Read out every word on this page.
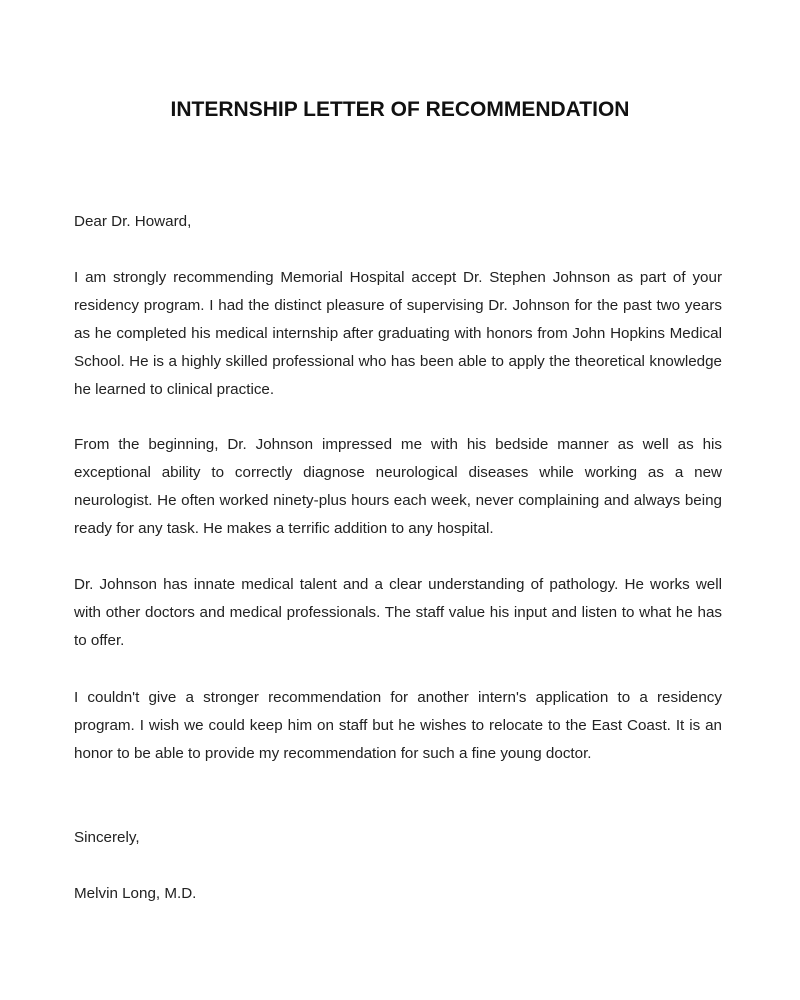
INTERNSHIP LETTER OF RECOMMENDATION
Dear Dr. Howard,

I am strongly recommending Memorial Hospital accept Dr. Stephen Johnson as part of your residency program. I had the distinct pleasure of supervising Dr. Johnson for the past two years as he completed his medical internship after graduating with honors from John Hopkins Medical School. He is a highly skilled professional who has been able to apply the theoretical knowledge he learned to clinical practice.

From the beginning, Dr. Johnson impressed me with his bedside manner as well as his exceptional ability to correctly diagnose neurological diseases while working as a new neurologist. He often worked ninety-plus hours each week, never complaining and always being ready for any task. He makes a terrific addition to any hospital.

Dr. Johnson has innate medical talent and a clear understanding of pathology. He works well with other doctors and medical professionals. The staff value his input and listen to what he has to offer.

I couldn't give a stronger recommendation for another intern's application to a residency program. I wish we could keep him on staff but he wishes to relocate to the East Coast. It is an honor to be able to provide my recommendation for such a fine young doctor.

Sincerely,
Melvin Long, M.D.
